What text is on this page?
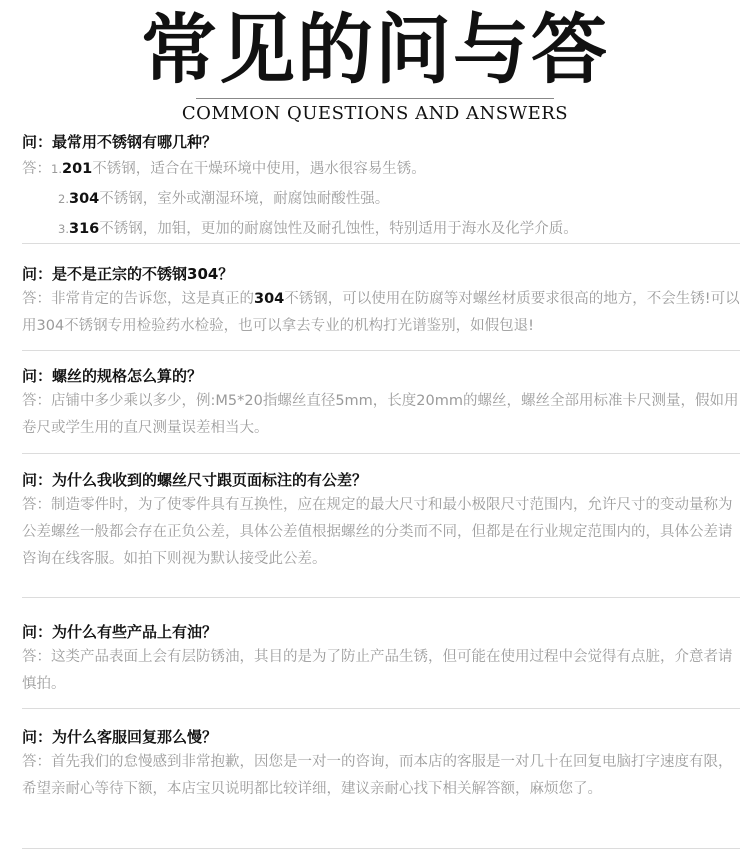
常见的问与答
COMMON QUESTIONS AND ANSWERS
问：最常用不锈钢有哪几种？
答：1.201不锈钢，适合在干燥环境中使用，遇水很容易生锈。
2.304不锈钢，室外或潮湿环境，耐腐蚀耐酸性强。
3.316不锈钢，加钼，更加的耐腐蚀性及耐孔蚀性，特别适用于海水及化学介质。
问：是不是正宗的不锈钢304？
答：非常肯定的告诉您，这是真正的304不锈钢，可以使用在防腐等对螺丝材质要求很高的地方，不会生锈!可以用304不锈钢专用检验药水检验，也可以拿去专业的机构打光谱鉴别，如假包退!
问：螺丝的规格怎么算的？
答：店铺中多少乘以多少，例:M5*20指螺丝直径5mm，长度20mm的螺丝，螺丝全部用标准卡尺测量，假如用卷尺或学生用的直尺测量误差相当大。
问：为什么我收到的螺丝尺寸跟页面标注的有公差？
答：制造零件时，为了使零件具有互换性，应在规定的最大尺寸和最小极限尺寸范围内，允许尺寸的变动量称为　公差螺丝一般都会存在正负公差，具体公差值根据螺丝的分类而不同，但都是在行业规定范围内的，具体公差请咨询在线客服。如拍下则视为默认接受此公差。
问：为什么有些产品上有油？
答：这类产品表面上会有层防锈油，其目的是为了防止产品生锈，但可能在使用过程中会觉得有点脏，介意者请慎拍。
问：为什么客服回复那么慢？
答：首先我们的怠慢感到非常抱歉，因您是一对一的咨询，而本店的客服是一对几十在回复电脑打字速度有限，希望亲耐心等待下额，本店宝贝说明都比较详细，建议亲耐心找下相关解答额，麻烦您了。
